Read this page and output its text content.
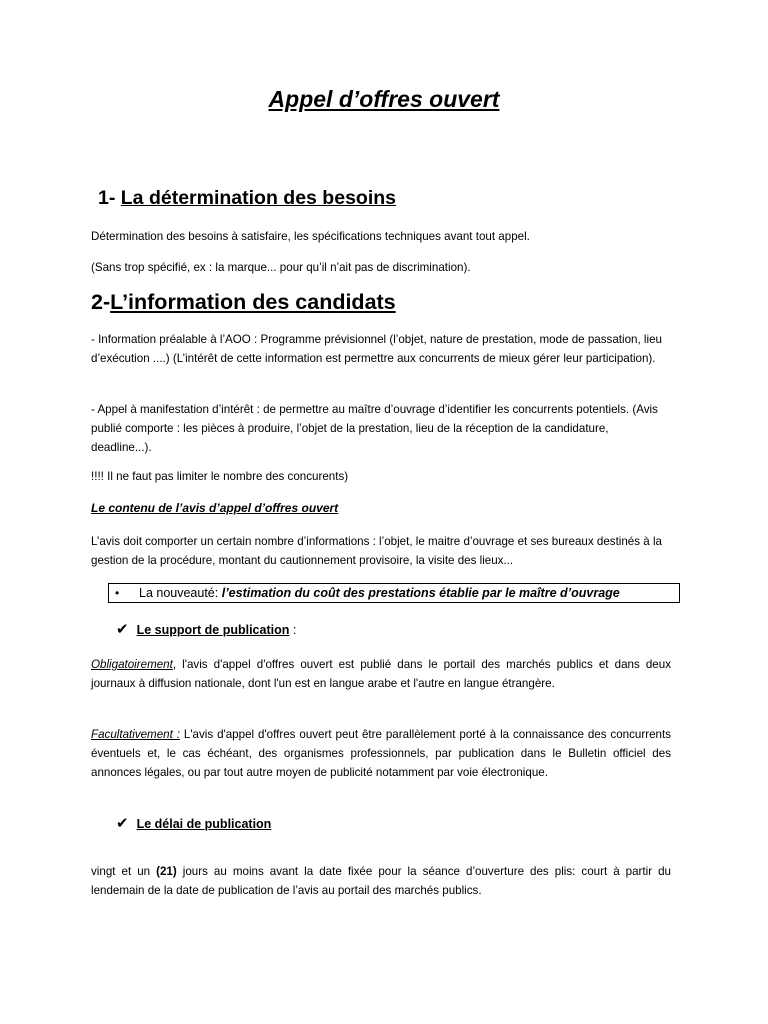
Appel d’offres ouvert
1- La détermination des besoins
Détermination des besoins à satisfaire, les spécifications techniques avant tout appel.
(Sans trop spécifié, ex : la marque... pour qu’il n’ait pas de discrimination).
2-L’information des candidats
- Information préalable à l’AOO : Programme prévisionnel (l’objet, nature de prestation, mode de passation, lieu d’exécution ....) (L’intérêt de cette information est permettre aux concurrents de mieux gérer leur participation).
- Appel à manifestation d’intérêt : de permettre au maître d’ouvrage d’identifier les concurrents potentiels. (Avis publié comporte : les pièces à produire, l’objet de la prestation, lieu de la réception de la candidature, deadline...).
!!!! Il ne faut pas limiter le nombre des concurents)
Le contenu de l’avis d’appel d’offres ouvert
L’avis doit comporter un certain nombre d’informations : l’objet, le maitre d’ouvrage et ses bureaux destinés à la gestion de la procédure, montant du cautionnement provisoire, la visite des lieux...
• La nouveauté: l’estimation du coût des prestations établie par le maître d’ouvrage
✔ Le support de publication :
Obligatoirement, l'avis d'appel d'offres ouvert est publié dans le portail des marchés publics et dans deux journaux à diffusion nationale, dont l'un est en langue arabe et l'autre en langue étrangère.
Facultativement : L'avis d'appel d'offres ouvert peut être parallèlement porté à la connaissance des concurrents éventuels et, le cas échéant, des organismes professionnels, par publication dans le Bulletin officiel des annonces légales, ou par tout autre moyen de publicité notamment par voie électronique.
✔ Le délai de publication
vingt et un (21) jours au moins avant la date fixée pour la séance d’ouverture des plis: court à partir du lendemain de la date de publication de l’avis au portail des marchés publics.
